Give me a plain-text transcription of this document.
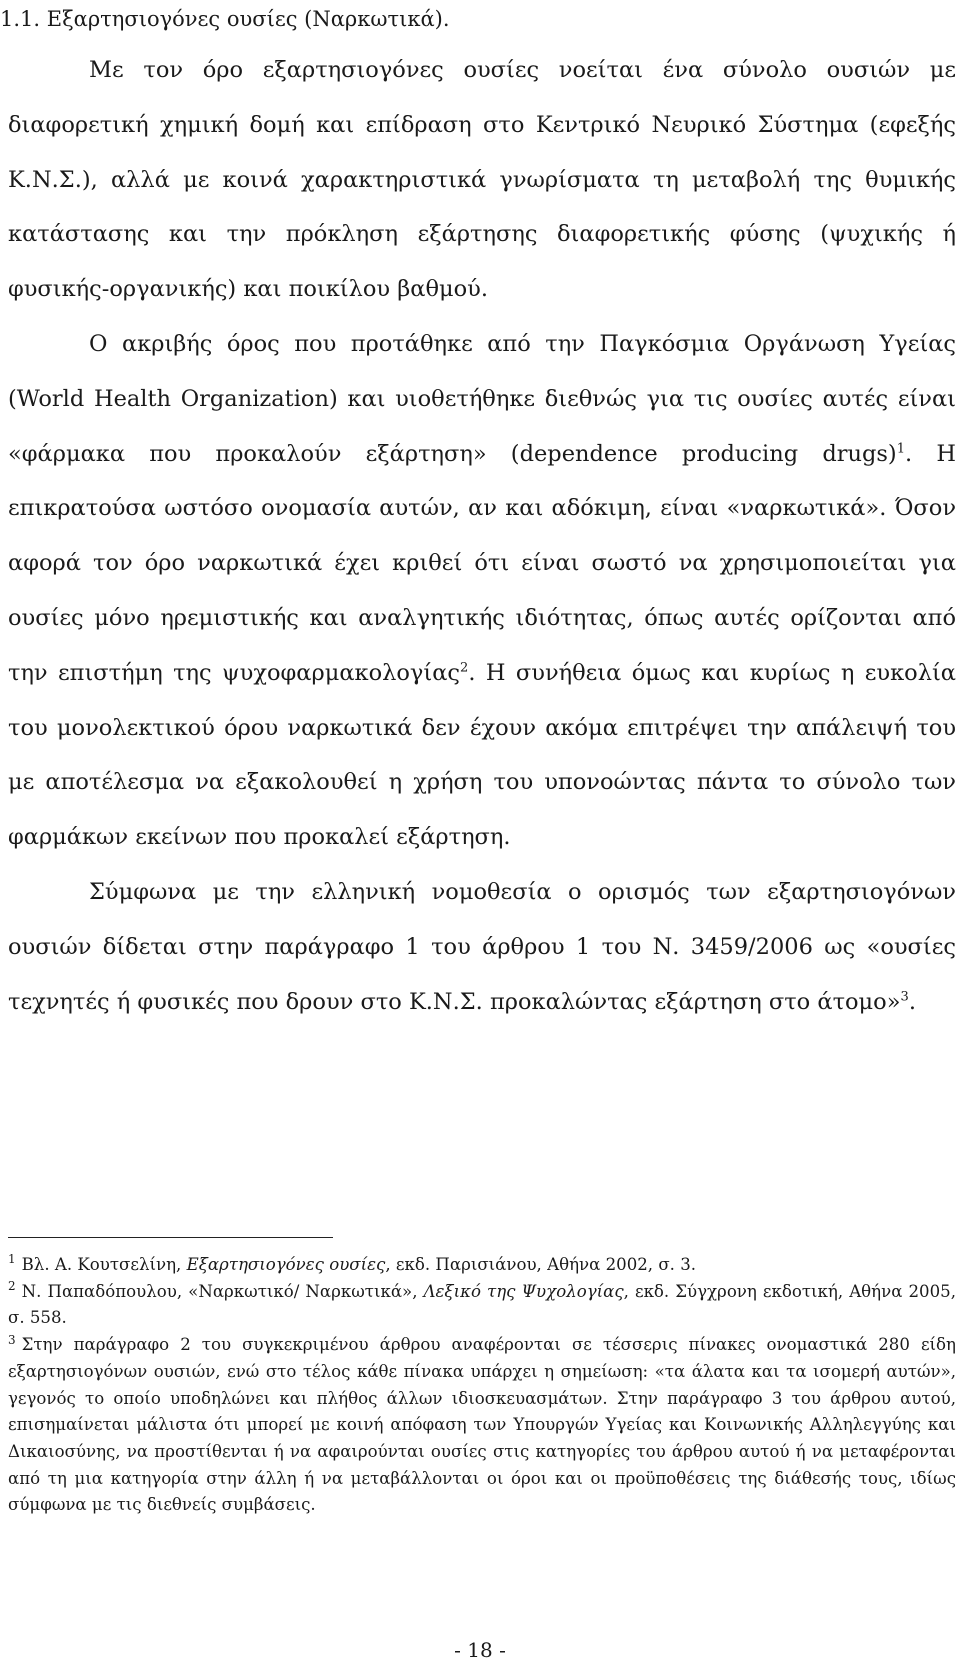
1.1. Εξαρτησιογόνες ουσίες (Ναρκωτικά).

Με τον όρο εξαρτησιογόνες ουσίες νοείται ένα σύνολο ουσιών με διαφορετική χημική δομή και επίδραση στο Κεντρικό Νευρικό Σύστημα (εφεξής Κ.Ν.Σ.), αλλά με κοινά χαρακτηριστικά γνωρίσματα τη μεταβολή της θυμικής κατάστασης και την πρόκληση εξάρτησης διαφορετικής φύσης (ψυχικής ή φυσικής-οργανικής) και ποικίλου βαθμού.

Ο ακριβής όρος που προτάθηκε από την Παγκόσμια Οργάνωση Υγείας (World Health Organization) και υιοθετήθηκε διεθνώς για τις ουσίες αυτές είναι «φάρμακα που προκαλούν εξάρτηση» (dependence producing drugs)$^1$. Η επικρατούσα ωστόσο ονομασία αυτών, αν και αδόκιμη, είναι «ναρκωτικά». Όσον αφορά τον όρο ναρκωτικά έχει κριθεί ότι είναι σωστό να χρησιμοποιείται για ουσίες μόνο ηρεμιστικής και αναλγητικής ιδιότητας, όπως αυτές ορίζονται από την επιστήμη της ψυχοφαρμακολογίας$^2$. Η συνήθεια όμως και κυρίως η ευκολία του μονολεκτικού όρου ναρκωτικά δεν έχουν ακόμα επιτρέψει την απάλειψή του με αποτέλεσμα να εξακολουθεί η χρήση του υπονοώντας πάντα το σύνολο των φαρμάκων εκείνων που προκαλεί εξάρτηση.

Σύμφωνα με την ελληνική νομοθεσία ο ορισμός των εξαρτησιογόνων ουσιών δίδεται στην παράγραφο 1 του άρθρου 1 του Ν. 3459/2006 ως «ουσίες τεχνητές ή φυσικές που δρουν στο Κ.Ν.Σ. προκαλώντας εξάρτηση στο άτομο»$^3$.

$^1$ Βλ. Α. Κουτσελίνη, Εξαρτησιογόνες ουσίες, εκδ. Παρισιάνου, Αθήνα 2002, σ. 3.

$^2$ Ν. Παπαδόπουλου, «Ναρκωτικό/ Ναρκωτικά», Λεξικό της Ψυχολογίας, εκδ. Σύγχρονη εκδοτική, Αθήνα 2005, σ. 558.

$^3$ Στην παράγραφο 2 του συγκεκριμένου άρθρου αναφέρονται σε τέσσερις πίνακες ονομαστικά 280 είδη εξαρτησιογόνων ουσιών, ενώ στο τέλος κάθε πίνακα υπάρχει η σημείωση: «τα άλατα και τα ισομερή αυτών», γεγονός το οποίο υποδηλώνει και πλήθος άλλων ιδιοσκευασμάτων. Στην παράγραφο 3 του άρθρου αυτού, επισημαίνεται μάλιστα ότι μπορεί με κοινή απόφαση των Υπουργών Υγείας και Κοινωνικής Αλληλεγγύης και Δικαιοσύνης, να προστίθενται ή να αφαιρούνται ουσίες στις κατηγορίες του άρθρου αυτού ή να μεταφέρονται από τη μια κατηγορία στην άλλη ή να μεταβάλλονται οι όροι και οι προϋποθέσεις της διάθεσής τους, ιδίως σύμφωνα με τις διεθνείς συμβάσεις.

- 18 -
